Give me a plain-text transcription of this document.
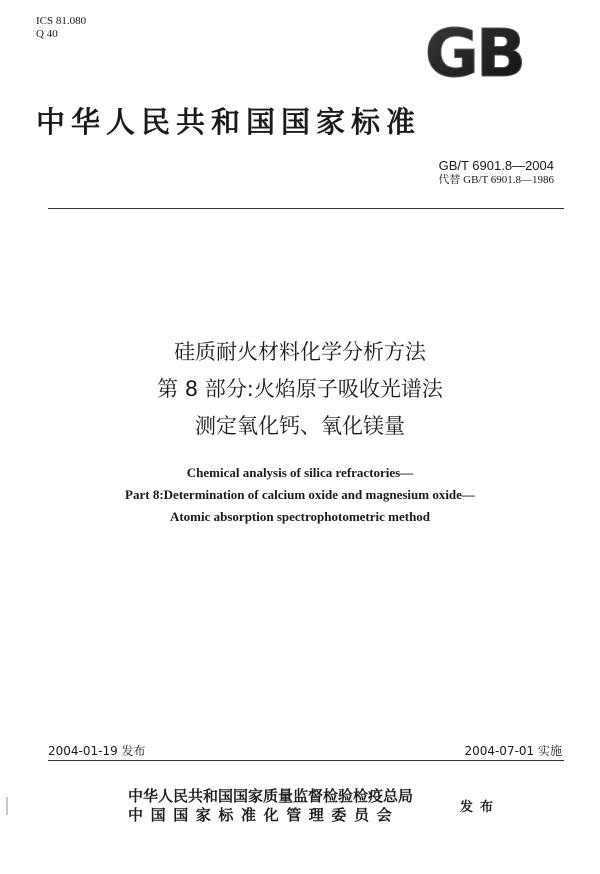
ICS 81.080
Q 40	GB
中华人民共和国国家标准
GB/T 6901.8—2004
代替 GB/T 6901.8—1986
硅质耐火材料化学分析方法
第 8 部分:火焰原子吸收光谱法
测定氧化钙、氧化镁量
Chemical analysis of silica refractories—
Part 8:Determination of calcium oxide and magnesium oxide—
Atomic absorption spectrophotometric method
2004-01-19 发布	2004-07-01 实施
中华人民共和国国家质量监督检验检疫总局
中国国家标准化管理委员会	发布
